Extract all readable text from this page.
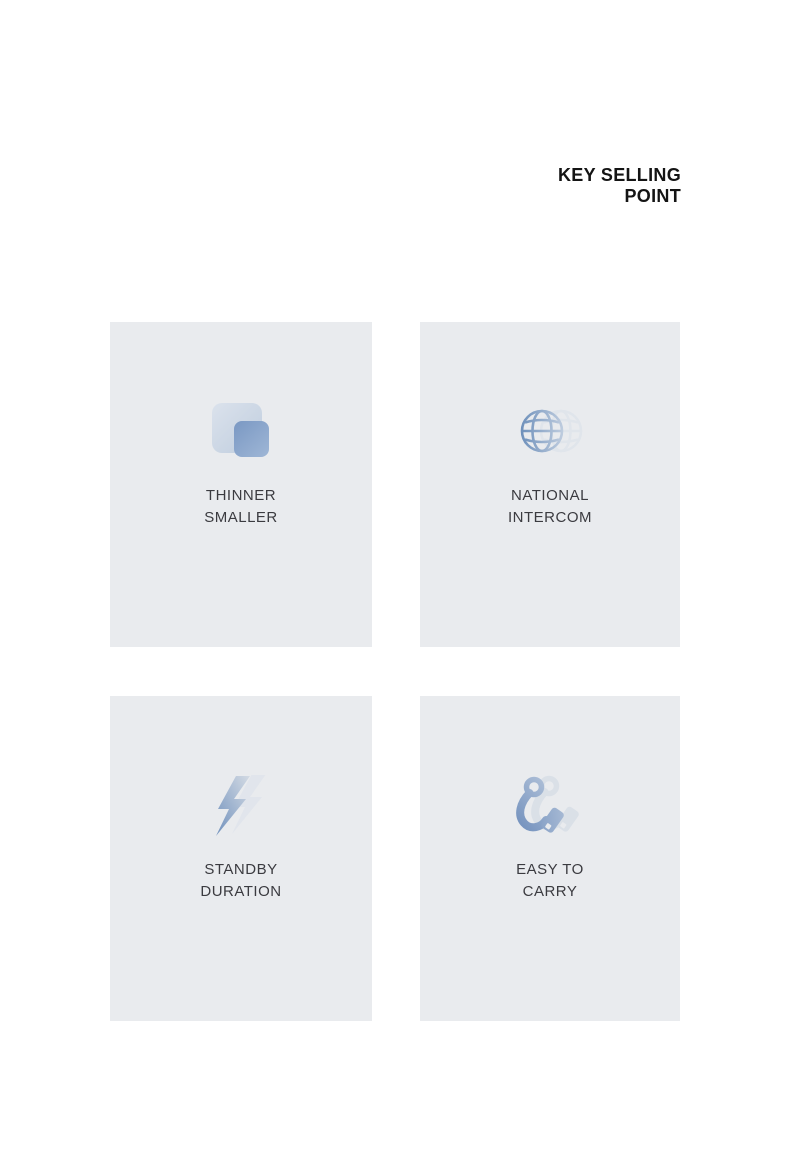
KEY SELLING
POINT
THINNER
SMALLER
NATIONAL
INTERCOM
STANDBY
DURATION
EASY TO
CARRY
